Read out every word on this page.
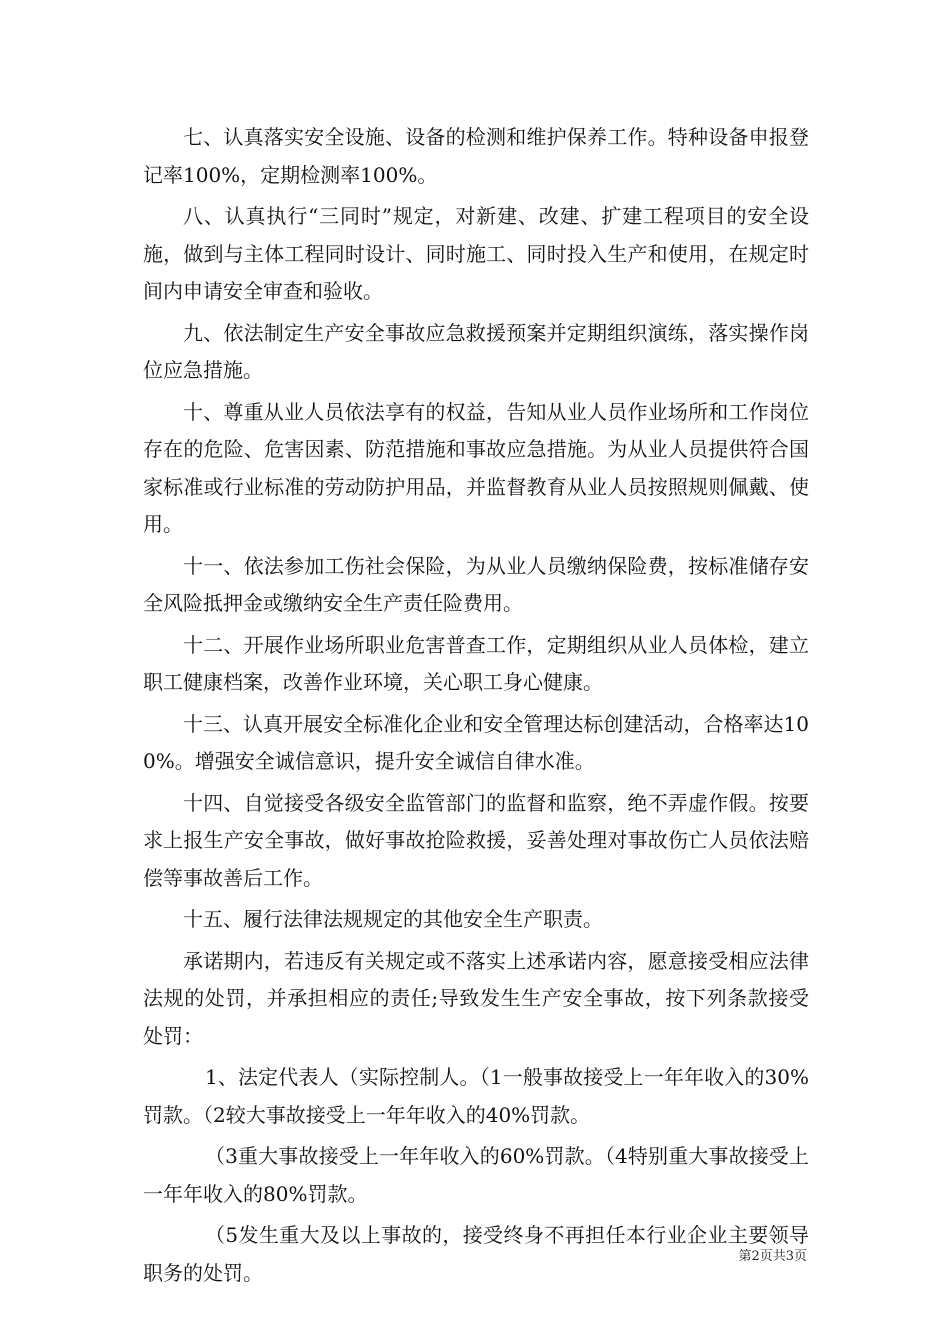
七、认真落实安全设施、设备的检测和维护保养工作。特种设备申报登记率100%，定期检测率100%。

八、认真执行“三同时”规定，对新建、改建、扩建工程项目的安全设施，做到与主体工程同时设计、同时施工、同时投入生产和使用，在规定时间内申请安全审查和验收。

九、依法制定生产安全事故应急救援预案并定期组织演练，落实操作岗位应急措施。

十、尊重从业人员依法享有的权益，告知从业人员作业场所和工作岗位存在的危险、危害因素、防范措施和事故应急措施。为从业人员提供符合国家标准或行业标准的劳动防护用品，并监督教育从业人员按照规则佩戴、使用。

十一、依法参加工伤社会保险，为从业人员缴纳保险费，按标准储存安全风险抵押金或缴纳安全生产责任险费用。

十二、开展作业场所职业危害普查工作，定期组织从业人员体检，建立职工健康档案，改善作业环境，关心职工身心健康。

十三、认真开展安全标准化企业和安全管理达标创建活动，合格率达100%。增强安全诚信意识，提升安全诚信自律水准。

十四、自觉接受各级安全监管部门的监督和监察，绝不弄虚作假。按要求上报生产安全事故，做好事故抢险救援，妥善处理对事故伤亡人员依法赔偿等事故善后工作。

十五、履行法律法规规定的其他安全生产职责。

承诺期内，若违反有关规定或不落实上述承诺内容，愿意接受相应法律法规的处罚，并承担相应的责任;导致发生生产安全事故，按下列条款接受处罚：

1、法定代表人（实际控制人。（1一般事故接受上一年年收入的30%罚款。（2较大事故接受上一年年收入的40%罚款。

（3重大事故接受上一年年收入的60%罚款。（4特别重大事故接受上一年年收入的80%罚款。

（5发生重大及以上事故的，接受终身不再担任本行业企业主要领导职务的处罚。

第2页共3页
